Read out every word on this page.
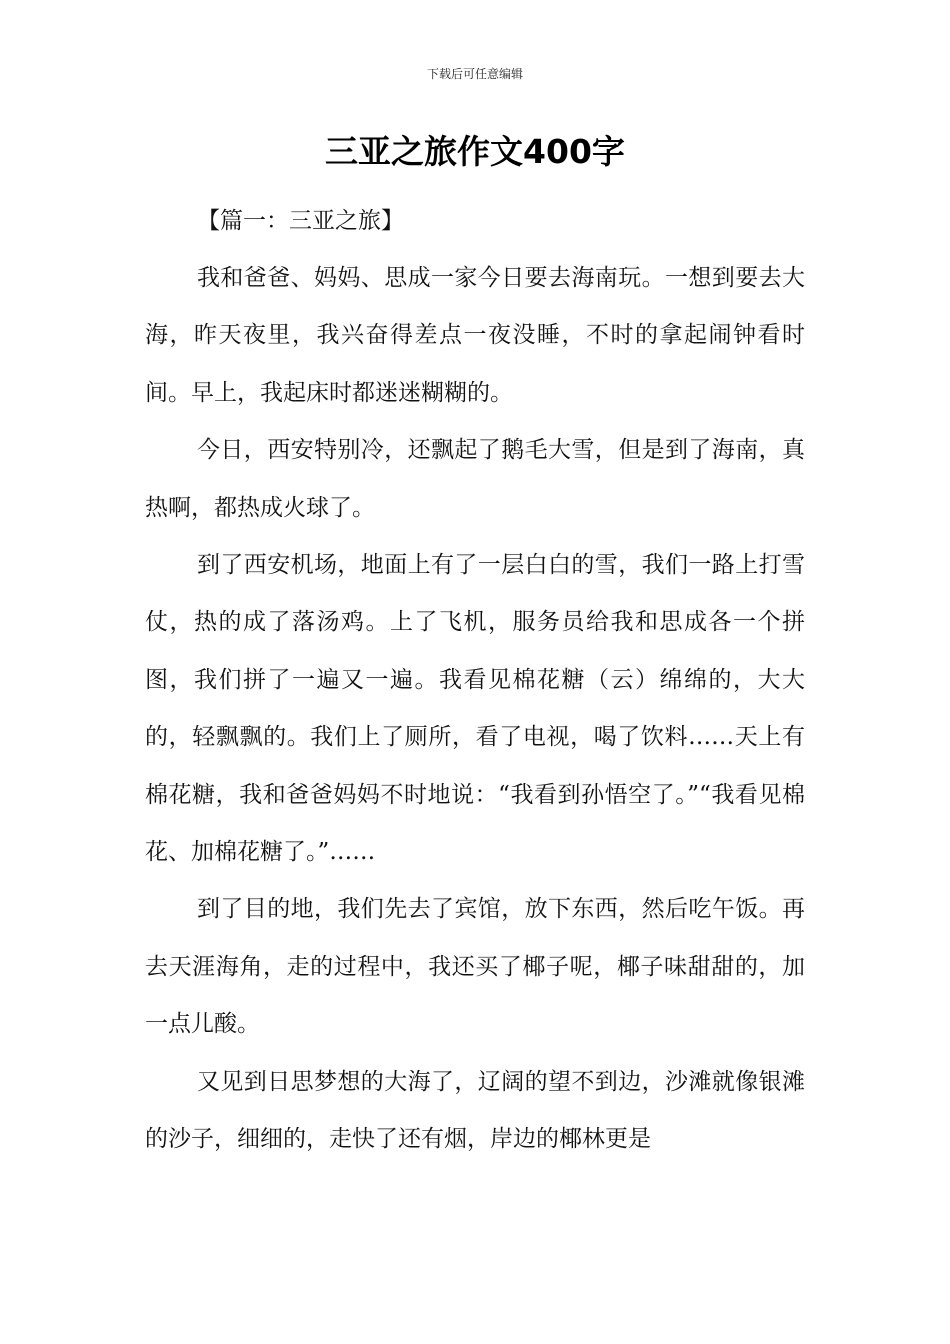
下载后可任意编辑
三亚之旅作文400字

【篇一：三亚之旅】

我和爸爸、妈妈、思成一家今日要去海南玩。一想到要去大海，昨天夜里，我兴奋得差点一夜没睡，不时的拿起闹钟看时间。早上，我起床时都迷迷糊糊的。

今日，西安特别冷，还飘起了鹅毛大雪，但是到了海南，真热啊，都热成火球了。

到了西安机场，地面上有了一层白白的雪，我们一路上打雪仗，热的成了落汤鸡。上了飞机，服务员给我和思成各一个拼图，我们拼了一遍又一遍。我看见棉花糖（云）绵绵的，大大的，轻飘飘的。我们上了厕所，看了电视，喝了饮料……天上有棉花糖，我和爸爸妈妈不时地说：“我看到孙悟空了。”“我看见棉花、加棉花糖了。”……

到了目的地，我们先去了宾馆，放下东西，然后吃午饭。再去天涯海角，走的过程中，我还买了椰子呢，椰子味甜甜的，加一点儿酸。

又见到日思梦想的大海了，辽阔的望不到边，沙滩就像银滩的沙子，细细的，走快了还有烟，岸边的椰林更是
